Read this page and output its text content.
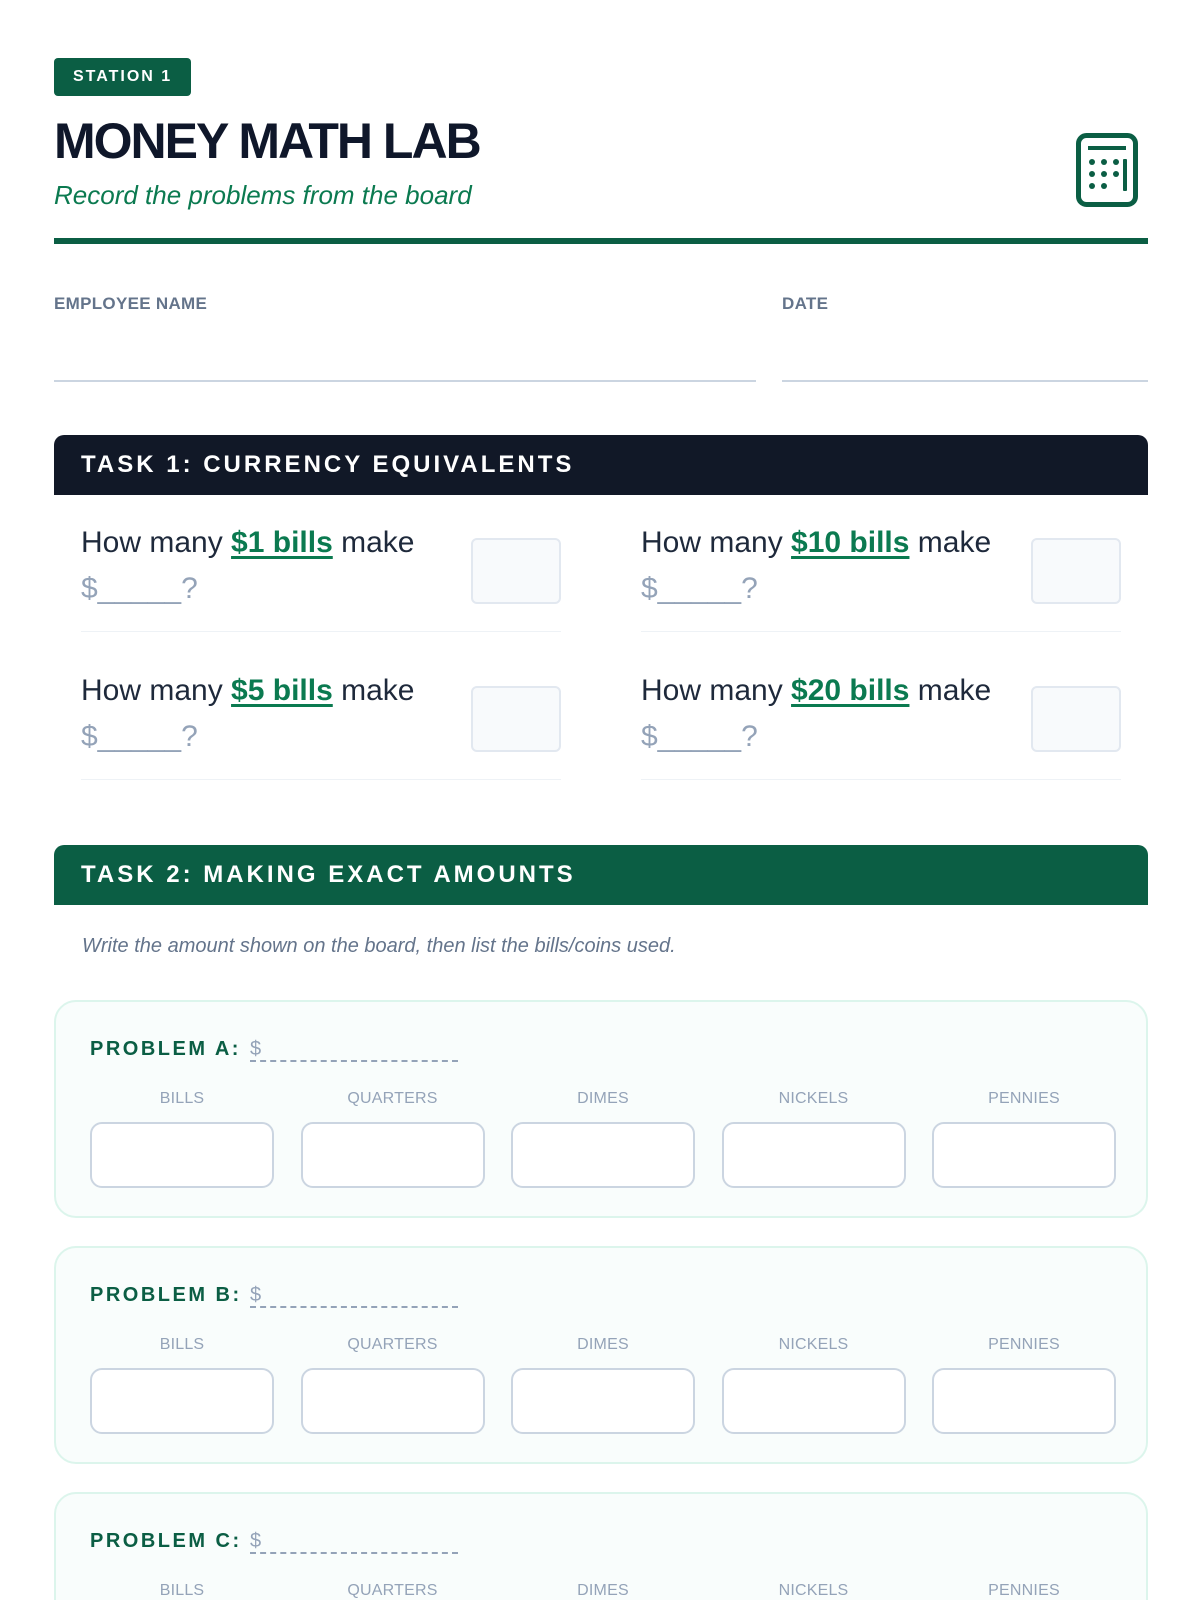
STATION 1
MONEY MATH LAB
Record the problems from the board
EMPLOYEE NAME	DATE
TASK 1: CURRENCY EQUIVALENTS
How many $1 bills make
$_____?
How many $10 bills make
$_____?
How many $5 bills make
$_____?
How many $20 bills make
$_____?
TASK 2: MAKING EXACT AMOUNTS
Write the amount shown on the board, then list the bills/coins used.
PROBLEM A: $
BILLS	QUARTERS	DIMES	NICKELS	PENNIES
PROBLEM B: $
BILLS	QUARTERS	DIMES	NICKELS	PENNIES
PROBLEM C: $
BILLS	QUARTERS	DIMES	NICKELS	PENNIES
